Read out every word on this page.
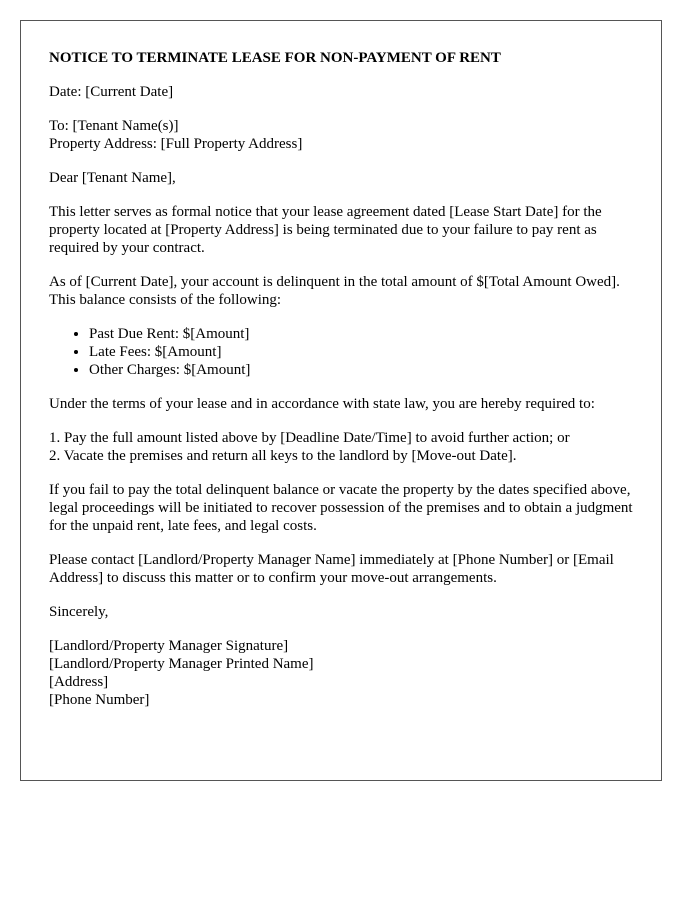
NOTICE TO TERMINATE LEASE FOR NON-PAYMENT OF RENT

Date: [Current Date]

To: [Tenant Name(s)]
Property Address: [Full Property Address]

Dear [Tenant Name],

This letter serves as formal notice that your lease agreement dated [Lease Start Date] for the property located at [Property Address] is being terminated due to your failure to pay rent as required by your contract.

As of [Current Date], your account is delinquent in the total amount of $[Total Amount Owed]. This balance consists of the following:

• Past Due Rent: $[Amount]
• Late Fees: $[Amount]
• Other Charges: $[Amount]

Under the terms of your lease and in accordance with state law, you are hereby required to:

1. Pay the full amount listed above by [Deadline Date/Time] to avoid further action; or
2. Vacate the premises and return all keys to the landlord by [Move-out Date].

If you fail to pay the total delinquent balance or vacate the property by the dates specified above, legal proceedings will be initiated to recover possession of the premises and to obtain a judgment for the unpaid rent, late fees, and legal costs.

Please contact [Landlord/Property Manager Name] immediately at [Phone Number] or [Email Address] to discuss this matter or to confirm your move-out arrangements.

Sincerely,

[Landlord/Property Manager Signature]
[Landlord/Property Manager Printed Name]
[Address]
[Phone Number]
